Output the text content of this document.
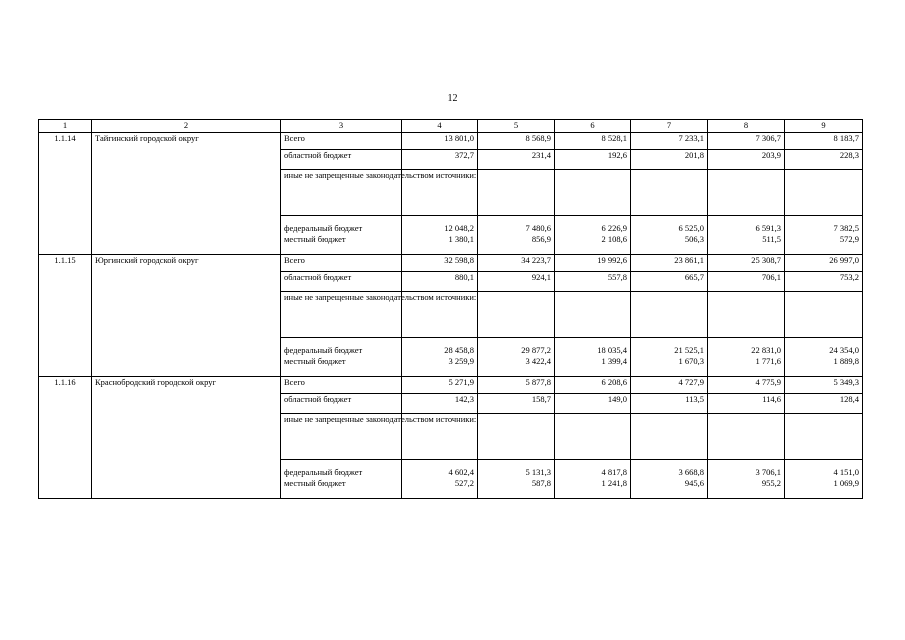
12
1	2	3	4	5	6	7	8	9
1.1.14	Тайгинский городской округ	Всего	13 801,0	8 568,9	8 528,1	7 233,1	7 306,7	8 183,7
		областной бюджет	372,7	231,4	192,6	201,8	203,9	228,3
		иные не запрещенные законодательством источники:						
		федеральный бюджет	12 048,2	7 480,6	6 226,9	6 525,0	6 591,3	7 382,5
		местный бюджет	1 380,1	856,9	2 108,6	506,3	511,5	572,9
1.1.15	Юргинский городской округ	Всего	32 598,8	34 223,7	19 992,6	23 861,1	25 308,7	26 997,0
		областной бюджет	880,1	924,1	557,8	665,7	706,1	753,2
		иные не запрещенные законодательством источники:						
		федеральный бюджет	28 458,8	29 877,2	18 035,4	21 525,1	22 831,0	24 354,0
		местный бюджет	3 259,9	3 422,4	1 399,4	1 670,3	1 771,6	1 889,8
1.1.16	Краснобродский городской округ	Всего	5 271,9	5 877,8	6 208,6	4 727,9	4 775,9	5 349,3
		областной бюджет	142,3	158,7	149,0	113,5	114,6	128,4
		иные не запрещенные законодательством источники:						
		федеральный бюджет	4 602,4	5 131,3	4 817,8	3 668,8	3 706,1	4 151,0
		местный бюджет	527,2	587,8	1 241,8	945,6	955,2	1 069,9
